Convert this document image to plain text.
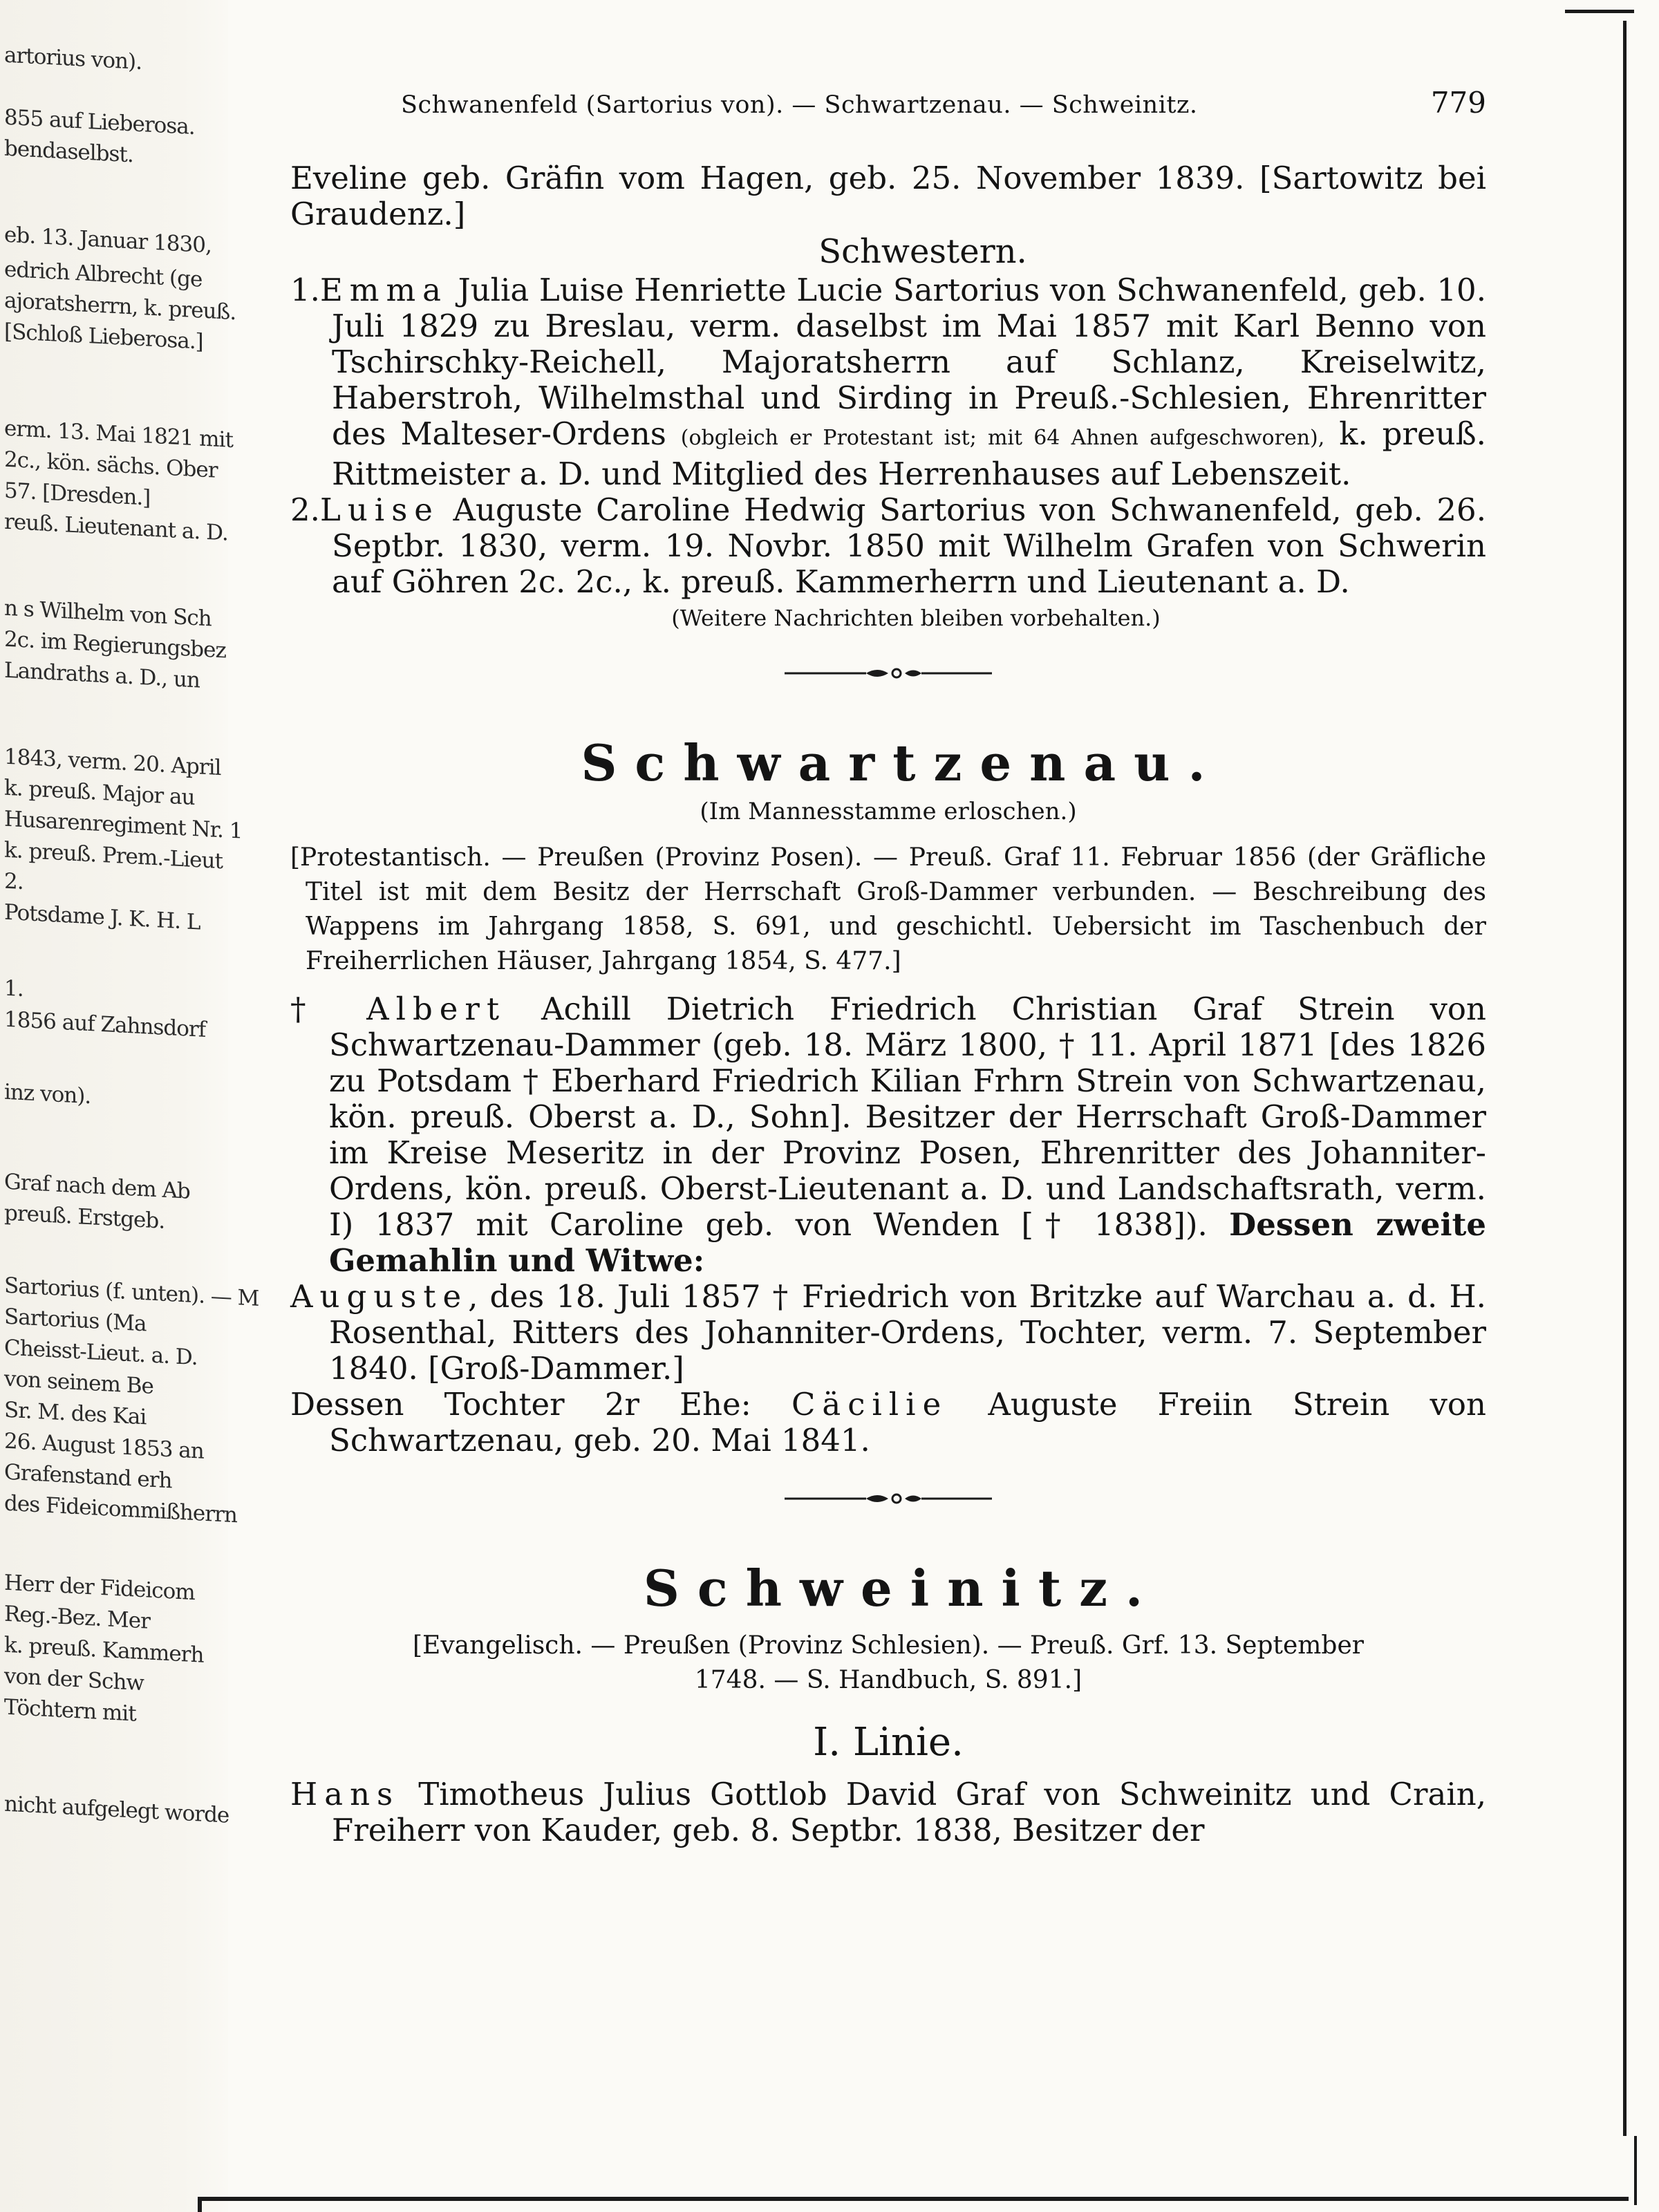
artorius von).
855 auf Lieberosa.
bendaselbst.
eb. 13. Januar 1830,
edrich Albrecht (ge
ajoratsherrn, k. preuß.
[Schloß Lieberosa.]
erm. 13. Mai 1821 mit
2c., kön. sächs. Ober
57. [Dresden.]
reuß. Lieutenant a. D.
n s Wilhelm von Sch
2c. im Regierungsbez
Landraths a. D., un
1843, verm. 20. April
k. preuß. Major au
Husarenregiment Nr. 1
k. preuß. Prem.-Lieut
2.
Potsdame J. K. H. L
1.
1856 auf Zahnsdorf
inz von).
Graf nach dem Ab
preuß. Erstgeb.
Sartorius (f. unten). — M
Sartorius (Ma
Cheisst-Lieut. a. D.
von seinem Be
Sr. M. des Kai
26. August 1853 an
Grafenstand erh
des Fideicommißherrn
Herr der Fideicom
Reg.-Bez. Mer
k. preuß. Kammerh
von der Schw
Töchtern mit
nicht aufgelegt worde
Schwanenfeld (Sartorius von). — Schwartzenau. — Schweinitz.	779

Eveline geb. Gräfin vom Hagen, geb. 25. November 1839. [Sartowitz bei Graudenz.]

Schwestern.

1.Emma Julia Luise Henriette Lucie Sartorius von Schwanenfeld, geb. 10. Juli 1829 zu Breslau, verm. daselbst im Mai 1857 mit Karl Benno von Tschirschky-Reichell, Majoratsherrn auf Schlanz, Kreiselwitz, Haberstroh, Wilhelmsthal und Sirding in Preuß.-Schlesien, Ehrenritter des Malteser-Ordens (obgleich er Protestant ist; mit 64 Ahnen aufgeschworen), k. preuß. Rittmeister a. D. und Mitglied des Herrenhauses auf Lebenszeit.

2.Luise Auguste Caroline Hedwig Sartorius von Schwanenfeld, geb. 26. Septbr. 1830, verm. 19. Novbr. 1850 mit Wilhelm Grafen von Schwerin auf Göhren 2c. 2c., k. preuß. Kammerherrn und Lieutenant a. D.

(Weitere Nachrichten bleiben vorbehalten.)

Schwartzenau.

(Im Mannesstamme erloschen.)

[Protestantisch. — Preußen (Provinz Posen). — Preuß. Graf 11. Februar 1856 (der Gräfliche Titel ist mit dem Besitz der Herrschaft Groß-Dammer verbunden. — Beschreibung des Wappens im Jahrgang 1858, S. 691, und geschichtl. Uebersicht im Taschenbuch der Freiherrlichen Häuser, Jahrgang 1854, S. 477.]

† Albert Achill Dietrich Friedrich Christian Graf Strein von Schwartzenau-Dammer (geb. 18. März 1800, † 11. April 1871 [des 1826 zu Potsdam † Eberhard Friedrich Kilian Frhrn Strein von Schwartzenau, kön. preuß. Oberst a. D., Sohn]. Besitzer der Herrschaft Groß-Dammer im Kreise Meseritz in der Provinz Posen, Ehrenritter des Johanniter-Ordens, kön. preuß. Oberst-Lieutenant a. D. und Landschaftsrath, verm. I) 1837 mit Caroline geb. von Wenden [† 1838]). Dessen zweite Gemahlin und Witwe:

Auguste, des 18. Juli 1857 † Friedrich von Britzke auf Warchau a. d. H. Rosenthal, Ritters des Johanniter-Ordens, Tochter, verm. 7. September 1840. [Groß-Dammer.]

Dessen Tochter 2r Ehe: Cäcilie Auguste Freiin Strein von Schwartzenau, geb. 20. Mai 1841.

Schweinitz.

[Evangelisch. — Preußen (Provinz Schlesien). — Preuß. Grf. 13. September

1748. — S. Handbuch, S. 891.]

I. Linie.

Hans Timotheus Julius Gottlob David Graf von Schweinitz und Crain, Freiherr von Kauder, geb. 8. Septbr. 1838, Besitzer der
